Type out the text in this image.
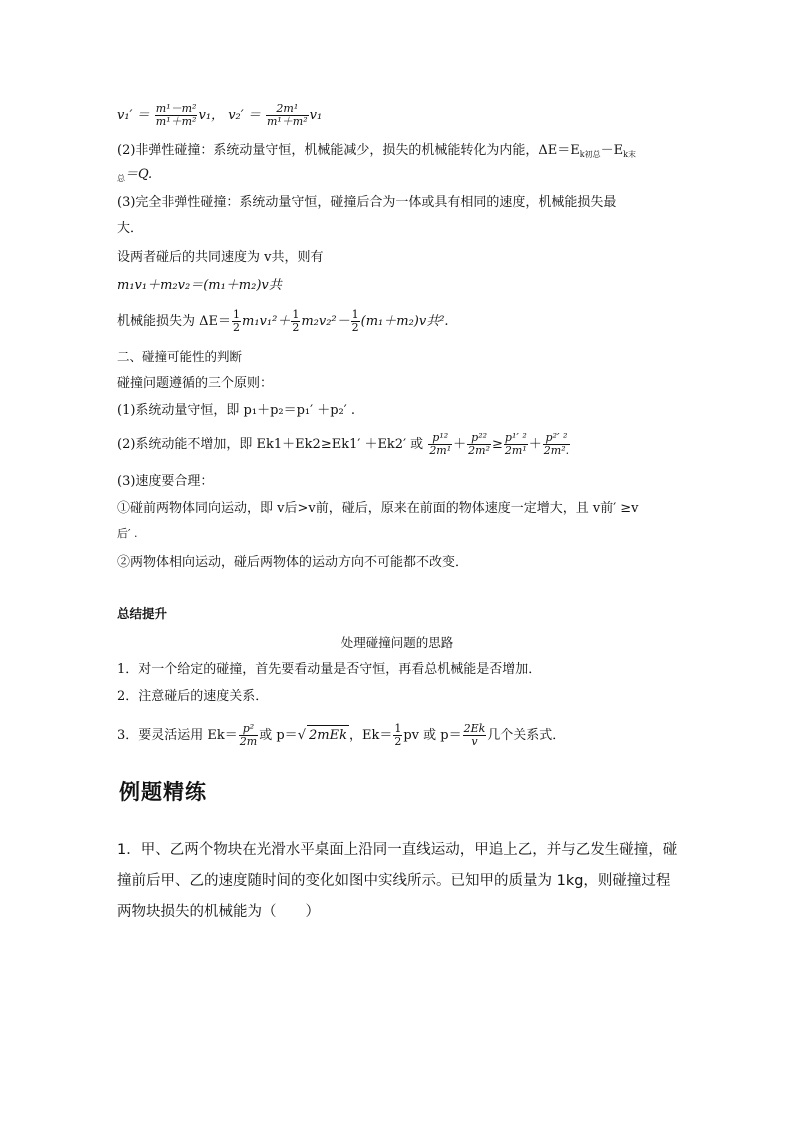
$v_1' = \frac{\text{m¹－m²}}{\text{m¹＋m²}} v_1$， $v_2' = \frac{\text{2m¹}}{\text{m¹＋m²}} v_1$
(2)非弹性碰撞：系统动量守恒，机械能减少，损失的机械能转化为内能，$\Delta E=E_{k初总}-E_{k末}$
$_总$＝Q.
(3)完全非弹性碰撞：系统动量守恒，碰撞后合为一体或具有相同的速度，机械能损失最
大．
设两者碰后的共同速度为 v共，则有
m₁v₁＋m₂v₂＝(m₁＋m₂)v共
机械能损失为 $\Delta E= \frac{1}{2} m_1v_1^2+ \frac{1}{2} m_2v_2^2- \frac{1}{2} (m_1+m_2)v$共².
二、碰撞可能性的判断
碰撞问题遵循的三个原则：
(1)系统动量守恒，即 p₁＋p₂＝p₁′ ＋p₂′ .
(2)系统动能不增加，即 Ek1＋Ek2≥Ek1′ ＋Ek2′ 或 $\frac{\text{p¹²}}{\text{2m¹}} + \frac{\text{p²²}}{\text{2m²}} \ge \frac{\text{p¹′ ²}}{\text{2m¹}} + \frac{\text{p²′ ²}}{\text{2m².}}$
(3)速度要合理：
①碰前两物体同向运动，即 v后>v前，碰后，原来在前面的物体速度一定增大，且 v前′ ≥v
后′ .
②两物体相向运动，碰后两物体的运动方向不可能都不改变．
总结提升
处理碰撞问题的思路
1．对一个给定的碰撞，首先要看动量是否守恒，再看总机械能是否增加．
2．注意碰后的速度关系．
3．要灵活运用 $Ek= \frac{\text{p²}}{2m}$ 或 p＝√ 2mEk ，$Ek= \frac{1}{2}$ pv 或 $p= \frac{2Ek}{v}$ 几个关系式．
例题精练
1．甲、乙两个物块在光滑水平桌面上沿同一直线运动，甲追上乙，并与乙发生碰撞，碰撞前后甲、乙的速度随时间的变化如图中实线所示。已知甲的质量为 1kg，则碰撞过程两物块损失的机械能为（　　）
